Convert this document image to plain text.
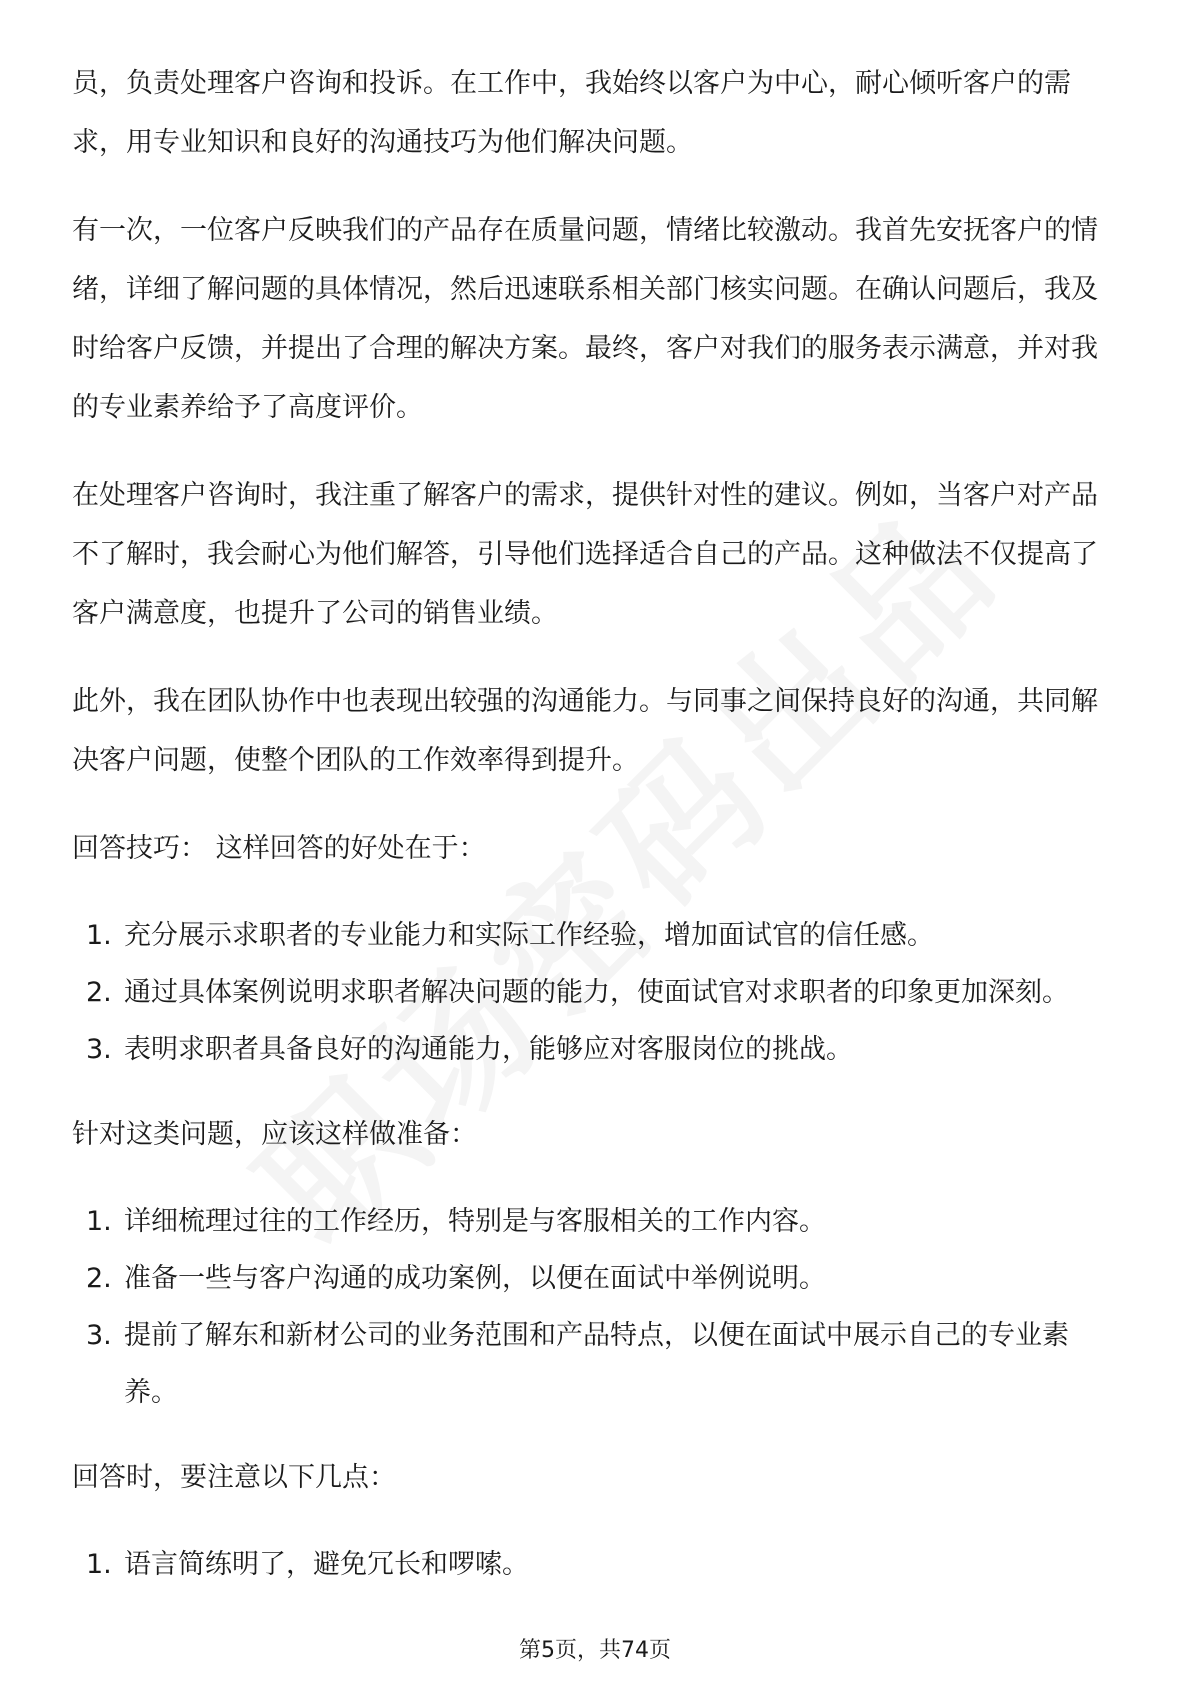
员，负责处理客户咨询和投诉。在工作中，我始终以客户为中心，耐心倾听客户的需求，用专业知识和良好的沟通技巧为他们解决问题。

有一次，一位客户反映我们的产品存在质量问题，情绪比较激动。我首先安抚客户的情绪，详细了解问题的具体情况，然后迅速联系相关部门核实问题。在确认问题后，我及时给客户反馈，并提出了合理的解决方案。最终，客户对我们的服务表示满意，并对我的专业素养给予了高度评价。

在处理客户咨询时，我注重了解客户的需求，提供针对性的建议。例如，当客户对产品不了解时，我会耐心为他们解答，引导他们选择适合自己的产品。这种做法不仅提高了客户满意度，也提升了公司的销售业绩。

此外，我在团队协作中也表现出较强的沟通能力。与同事之间保持良好的沟通，共同解决客户问题，使整个团队的工作效率得到提升。

回答技巧： 这样回答的好处在于：

1. 充分展示求职者的专业能力和实际工作经验，增加面试官的信任感。
2. 通过具体案例说明求职者解决问题的能力，使面试官对求职者的印象更加深刻。
3. 表明求职者具备良好的沟通能力，能够应对客服岗位的挑战。

针对这类问题，应该这样做准备：

1. 详细梳理过往的工作经历，特别是与客服相关的工作内容。
2. 准备一些与客户沟通的成功案例，以便在面试中举例说明。
3. 提前了解东和新材公司的业务范围和产品特点，以便在面试中展示自己的专业素养。

回答时，要注意以下几点：

1. 语言简练明了，避免冗长和啰嗦。
第5页，共74页
